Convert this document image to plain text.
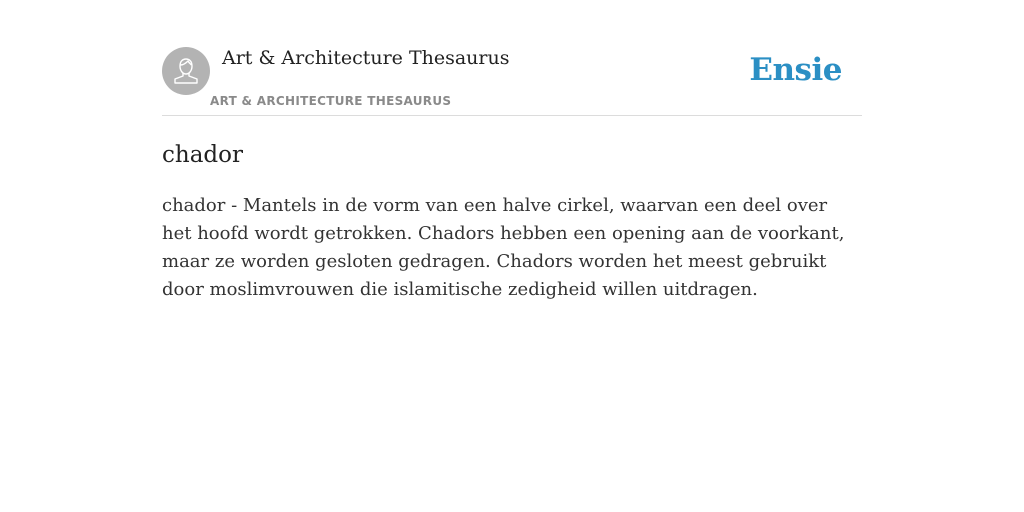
Art & Architecture Thesaurus
ART & ARCHITECTURE THESAURUS
Ensie
chador

chador - Mantels in de vorm van een halve cirkel, waarvan een deel over het hoofd wordt getrokken. Chadors hebben een opening aan de voorkant, maar ze worden gesloten gedragen. Chadors worden het meest gebruikt door moslimvrouwen die islamitische zedigheid willen uitdragen.
